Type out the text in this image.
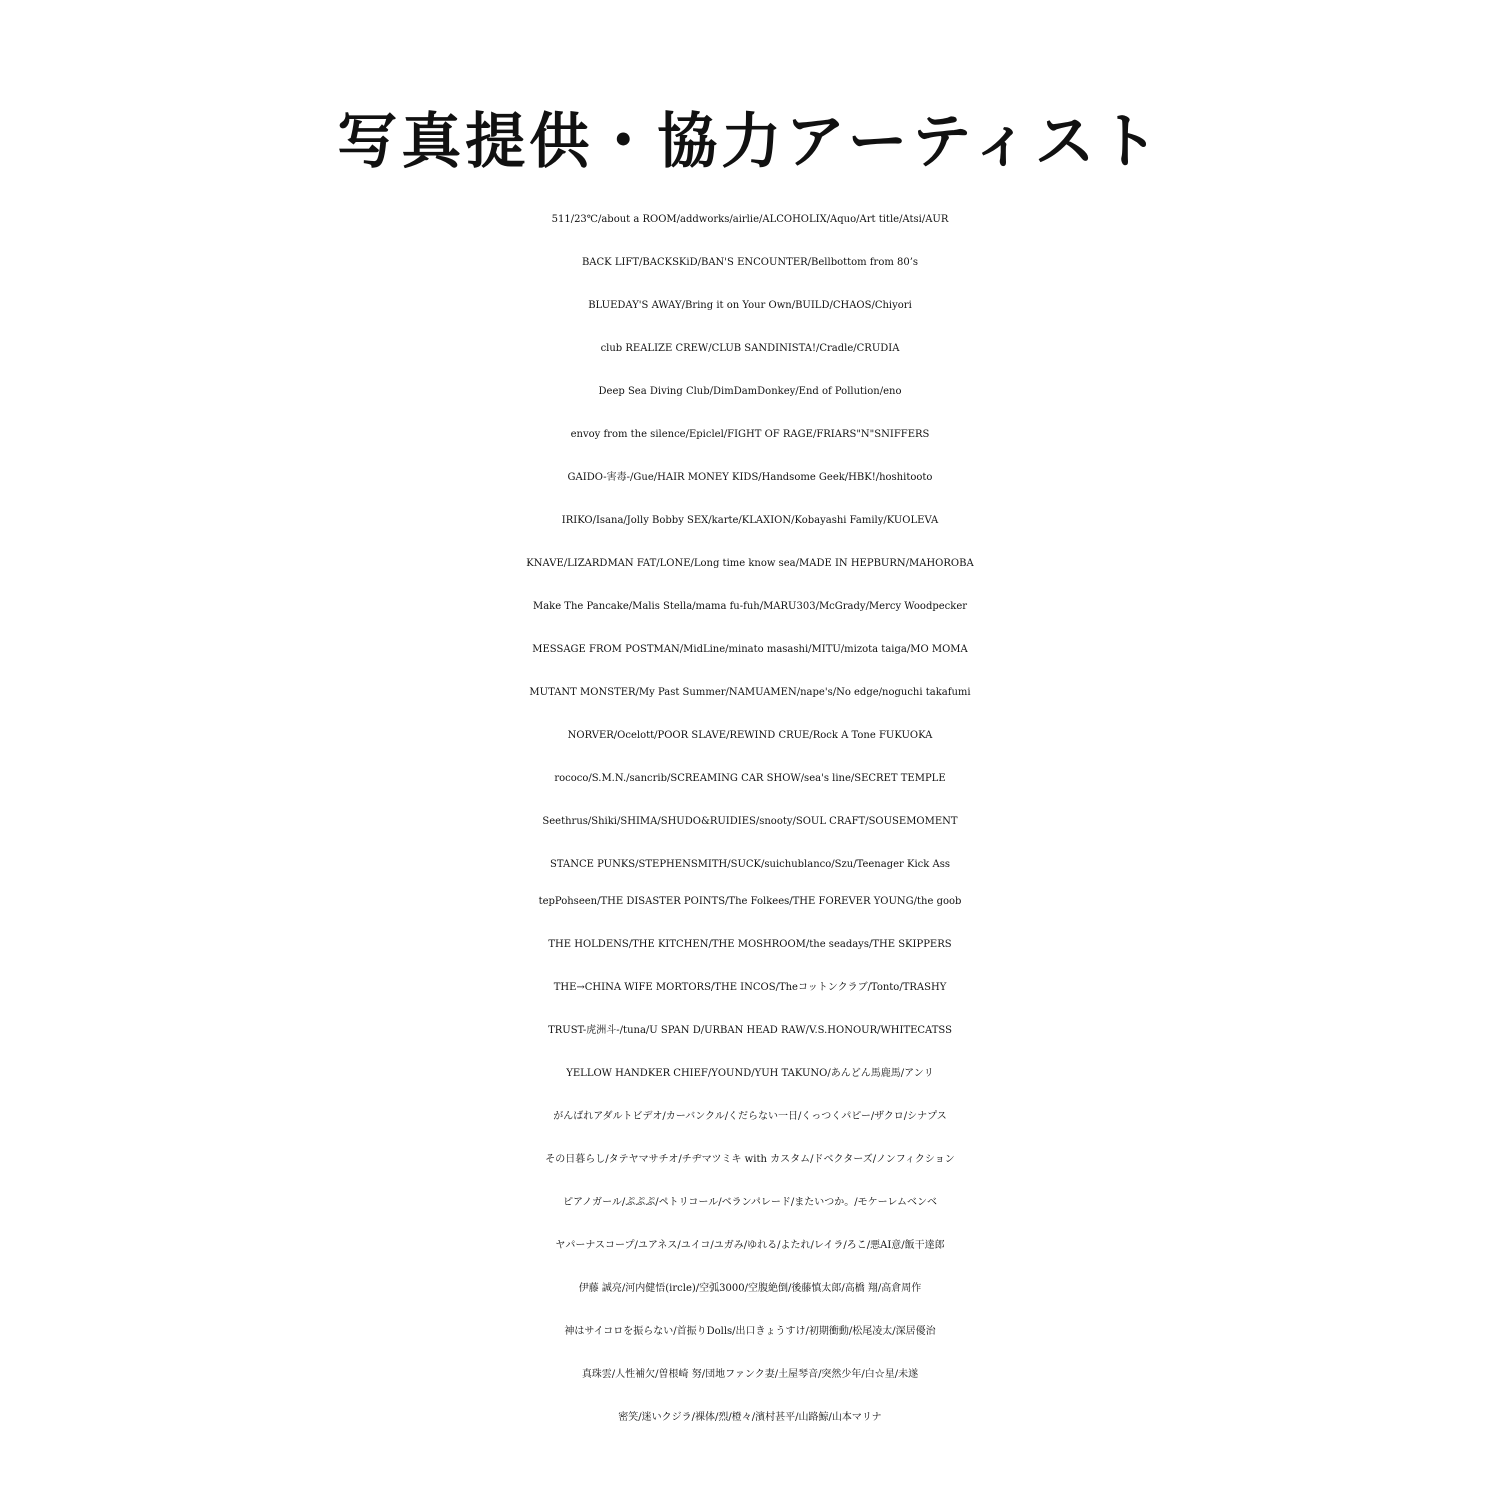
写真提供・協力アーティスト
511/23℃/about a ROOM/addworks/airlie/ALCOHOLIX/Aquo/Art title/Atsi/AUR
BACK LIFT/BACKSKiD/BAN'S ENCOUNTER/Bellbottom from 80’s
BLUEDAY'S AWAY/Bring it on Your Own/BUILD/CHAOS/Chiyori
club REALIZE CREW/CLUB SANDINISTA!/Cradle/CRUDIA
Deep Sea Diving Club/DimDamDonkey/End of Pollution/eno
envoy from the silence/Epiclel/FIGHT OF RAGE/FRIARS"N"SNIFFERS
GAIDO-害毒-/Gue/HAIR MONEY KIDS/Handsome Geek/HBK!/hoshitooto
IRIKO/Isana/Jolly Bobby SEX/karte/KLAXION/Kobayashi Family/KUOLEVA
KNAVE/LIZARDMAN FAT/LONE/Long time know sea/MADE IN HEPBURN/MAHOROBA
Make The Pancake/Malis Stella/mama fu-fuh/MARU303/McGrady/Mercy Woodpecker
MESSAGE FROM POSTMAN/MidLine/minato masashi/MITU/mizota taiga/MO MOMA
MUTANT MONSTER/My Past Summer/NAMUAMEN/nape's/No edge/noguchi takafumi
NORVER/Ocelott/POOR SLAVE/REWIND CRUE/Rock A Tone FUKUOKA
rococo/S.M.N./sancrib/SCREAMING CAR SHOW/sea's line/SECRET TEMPLE
Seethrus/Shiki/SHIMA/SHUDO&RUIDIES/snooty/SOUL CRAFT/SOUSEMOMENT
STANCE PUNKS/STEPHENSMITH/SUCK/suichublanco/Szu/Teenager Kick Ass
tepPohseen/THE DISASTER POINTS/The Folkees/THE FOREVER YOUNG/the goob
THE HOLDENS/THE KITCHEN/THE MOSHROOM/the seadays/THE SKIPPERS
THE→CHINA WIFE MORTORS/THE INCOS/Theコットンクラブ/Tonto/TRASHY
TRUST-虎洲斗-/tuna/U SPAN D/URBAN HEAD RAW/V.S.HONOUR/WHITECATSS
YELLOW HANDKER CHIEF/YOUND/YUH TAKUNO/あんどん馬鹿馬/アンリ
がんばれアダルトビデオ/カーバンクル/くだらない一日/くっつくパピー/ザクロ/シナプス
その日暮らし/タテヤマサチオ/チヂマツミキ with カスタム/ドベクターズ/ノンフィクション
ピアノガール/ぷぷぷ/ペトリコール/ベランパレード/またいつか。/モケーレムベンベ
ヤパーナスコープ/ユアネス/ユイコ/ユガみ/ゆれる/よたれ/レイラ/ろこ/悪AI意/飯干達郎
伊藤 誠亮/河内健悟(ircle)/空弧3000/空腹絶倒/後藤慎太郎/高橋 翔/高倉周作
神はサイコロを振らない/首振りDolls/出口きょうすけ/初期衝動/松尾凌太/深居優治
真珠雲/人性補欠/曽根崎 努/団地ファンク妻/土屋琴音/突然少年/白☆星/未遂
密笑/迷いクジラ/裸体/烈/橙々/濱村甚平/山路鯨/山本マリナ
